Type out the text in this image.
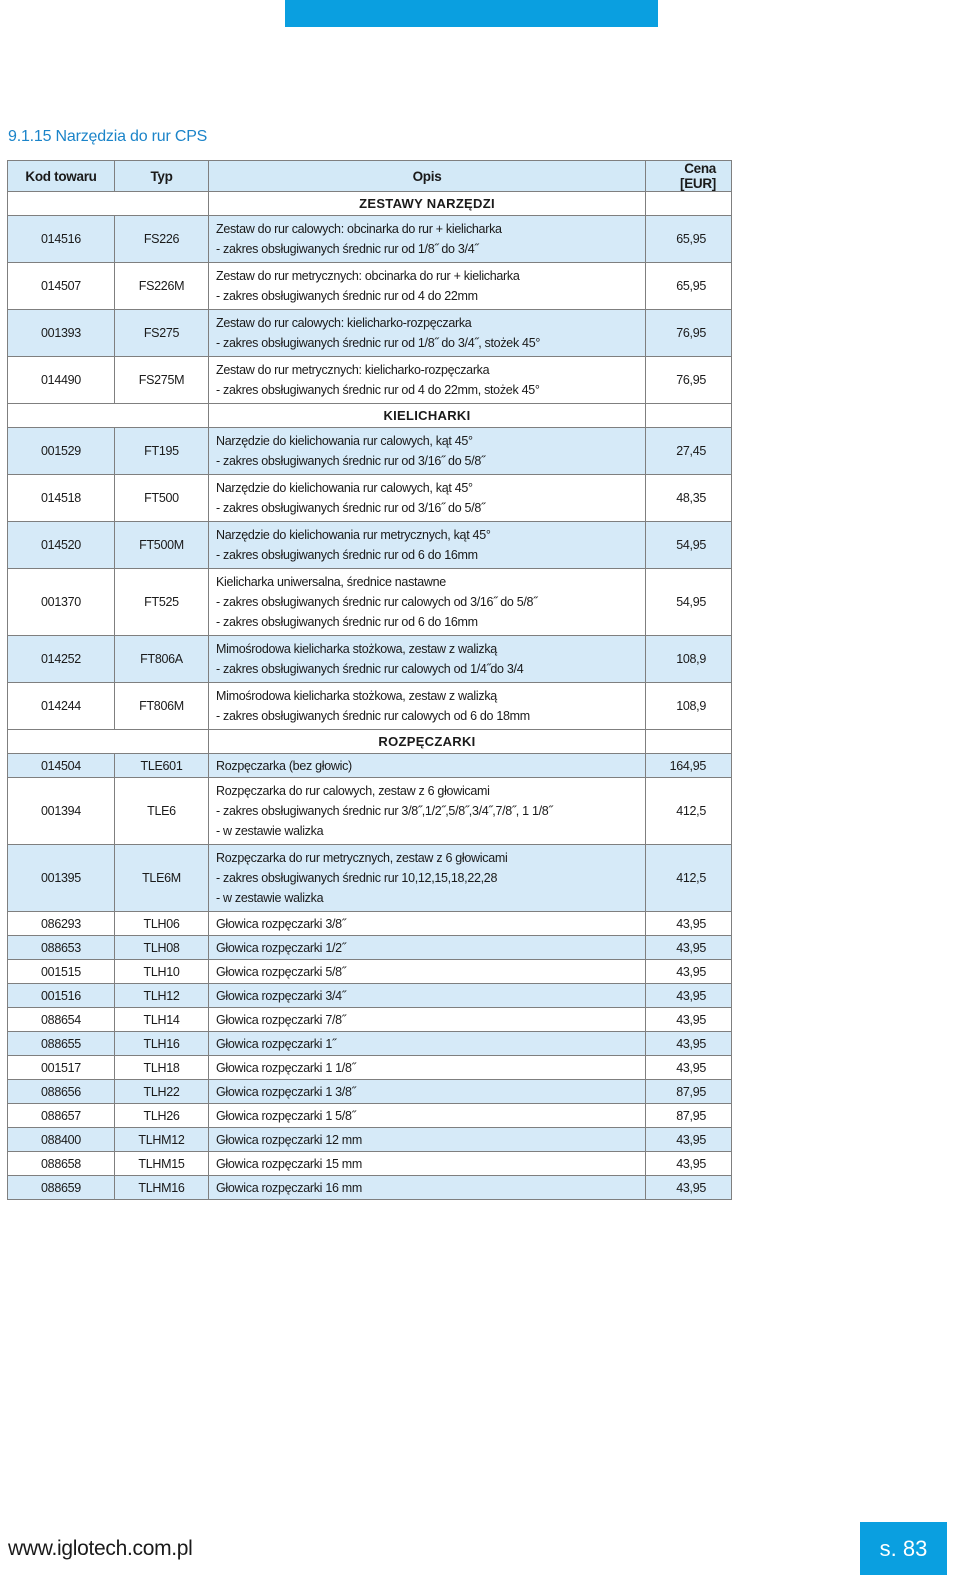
9.1.15 Narzędzia do rur CPS
Kod towaru	Typ	Opis	Cena [EUR]
		ZESTAWY NARZĘDZI	
014516	FS226	Zestaw do rur calowych: obcinarka do rur + kielicharka
- zakres obsługiwanych średnic rur od 1/8˝ do 3/4˝	65,95
014507	FS226M	Zestaw do rur metrycznych: obcinarka do rur + kielicharka
- zakres obsługiwanych średnic rur od 4 do 22mm	65,95
001393	FS275	Zestaw do rur calowych: kielicharko-rozpęczarka
- zakres obsługiwanych średnic rur od 1/8˝ do 3/4˝, stożek 45°	76,95
014490	FS275M	Zestaw do rur metrycznych: kielicharko-rozpęczarka
- zakres obsługiwanych średnic rur od 4 do 22mm, stożek 45°	76,95
		KIELICHARKI	
001529	FT195	Narzędzie do kielichowania rur calowych, kąt 45°
- zakres obsługiwanych średnic rur od 3/16˝ do 5/8˝	27,45
014518	FT500	Narzędzie do kielichowania rur calowych, kąt 45°
- zakres obsługiwanych średnic rur od 3/16˝ do 5/8˝	48,35
014520	FT500M	Narzędzie do kielichowania rur metrycznych, kąt 45°
- zakres obsługiwanych średnic rur od 6 do 16mm	54,95
001370	FT525	Kielicharka uniwersalna, średnice nastawne
- zakres obsługiwanych średnic rur calowych od 3/16˝ do 5/8˝
- zakres obsługiwanych średnic rur od 6 do 16mm	54,95
014252	FT806A	Mimośrodowa kielicharka stożkowa, zestaw z walizką
- zakres obsługiwanych średnic rur calowych od 1/4˝do 3/4	108,9
014244	FT806M	Mimośrodowa kielicharka stożkowa, zestaw z walizką
- zakres obsługiwanych średnic rur calowych od 6 do 18mm	108,9
		ROZPĘCZARKI	
014504	TLE601	Rozpęczarka (bez głowic)	164,95
001394	TLE6	Rozpęczarka do rur calowych, zestaw z 6 głowicami
- zakres obsługiwanych średnic rur 3/8˝,1/2˝,5/8˝,3/4˝,7/8˝, 1 1/8˝
- w zestawie walizka	412,5
001395	TLE6M	Rozpęczarka do rur metrycznych, zestaw z 6 głowicami
- zakres obsługiwanych średnic rur 10,12,15,18,22,28
- w zestawie walizka	412,5
086293	TLH06	Głowica rozpęczarki 3/8˝	43,95
088653	TLH08	Głowica rozpęczarki 1/2˝	43,95
001515	TLH10	Głowica rozpęczarki 5/8˝	43,95
001516	TLH12	Głowica rozpęczarki 3/4˝	43,95
088654	TLH14	Głowica rozpęczarki 7/8˝	43,95
088655	TLH16	Głowica rozpęczarki 1˝	43,95
001517	TLH18	Głowica rozpęczarki 1 1/8˝	43,95
088656	TLH22	Głowica rozpęczarki 1 3/8˝	87,95
088657	TLH26	Głowica rozpęczarki 1 5/8˝	87,95
088400	TLHM12	Głowica rozpęczarki 12 mm	43,95
088658	TLHM15	Głowica rozpęczarki 15 mm	43,95
088659	TLHM16	Głowica rozpęczarki 16 mm	43,95
www.iglotech.com.pl	s. 83
